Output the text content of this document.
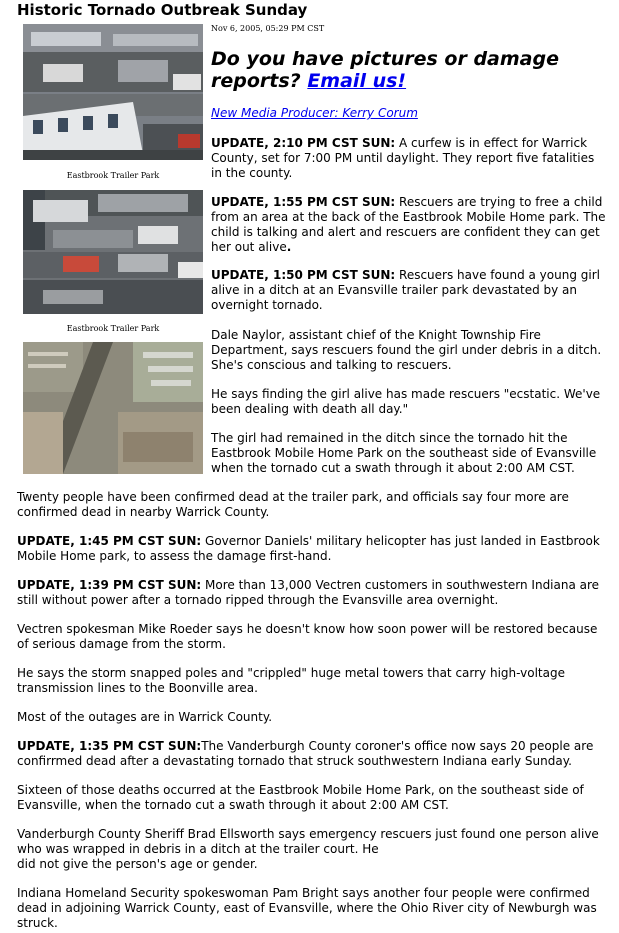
Historic Tornado Outbreak Sunday
Eastbrook Trailer Park
Eastbrook Trailer Park
Nov 6, 2005, 05:29 PM CST
Do you have pictures or damage reports? Email us!
New Media Producer: Kerry Corum

UPDATE, 2:10 PM CST SUN: A curfew is in effect for Warrick County, set for 7:00 PM until daylight. They report five fatalities in the county.

UPDATE, 1:55 PM CST SUN: Rescuers are trying to free a child from an area at the back of the Eastbrook Mobile Home park. The child is talking and alert and rescuers are confident they can get her out alive.

UPDATE, 1:50 PM CST SUN: Rescuers have found a young girl alive in a ditch at an Evansville trailer park devastated by an overnight tornado.

Dale Naylor, assistant chief of the Knight Township Fire Department, says rescuers found the girl under debris in a ditch. She's conscious and talking to rescuers.

He says finding the girl alive has made rescuers "ecstatic. We've been dealing with death all day."

The girl had remained in the ditch since the tornado hit the Eastbrook Mobile Home Park on the southeast side of Evansville when the tornado cut a swath through it about 2:00 AM CST.

Twenty people have been confirmed dead at the trailer park, and officials say four more are confirmed dead in nearby Warrick County.

UPDATE, 1:45 PM CST SUN: Governor Daniels' military helicopter has just landed in Eastbrook Mobile Home park, to assess the damage first-hand.

UPDATE, 1:39 PM CST SUN: More than 13,000 Vectren customers in southwestern Indiana are still without power after a tornado ripped through the Evansville area overnight.

Vectren spokesman Mike Roeder says he doesn't know how soon power will be restored because of serious damage from the storm.

He says the storm snapped poles and "crippled" huge metal towers that carry high-voltage transmission lines to the Boonville area.

Most of the outages are in Warrick County.

UPDATE, 1:35 PM CST SUN:The Vanderburgh County coroner's office now says 20 people are confirrmed dead after a devastating tornado that struck southwestern Indiana early Sunday.

Sixteen of those deaths occurred at the Eastbrook Mobile Home Park, on the southeast side of Evansville, when the tornado cut a swath through it about 2:00 AM CST.

Vanderburgh County Sheriff Brad Ellsworth says emergency rescuers just found one person alive who was wrapped in debris in a ditch at the trailer court. He
did not give the person's age or gender.

Indiana Homeland Security spokeswoman Pam Bright says another four people were confirmed dead in adjoining Warrick County, east of Evansville, where the Ohio River city of Newburgh was struck.
